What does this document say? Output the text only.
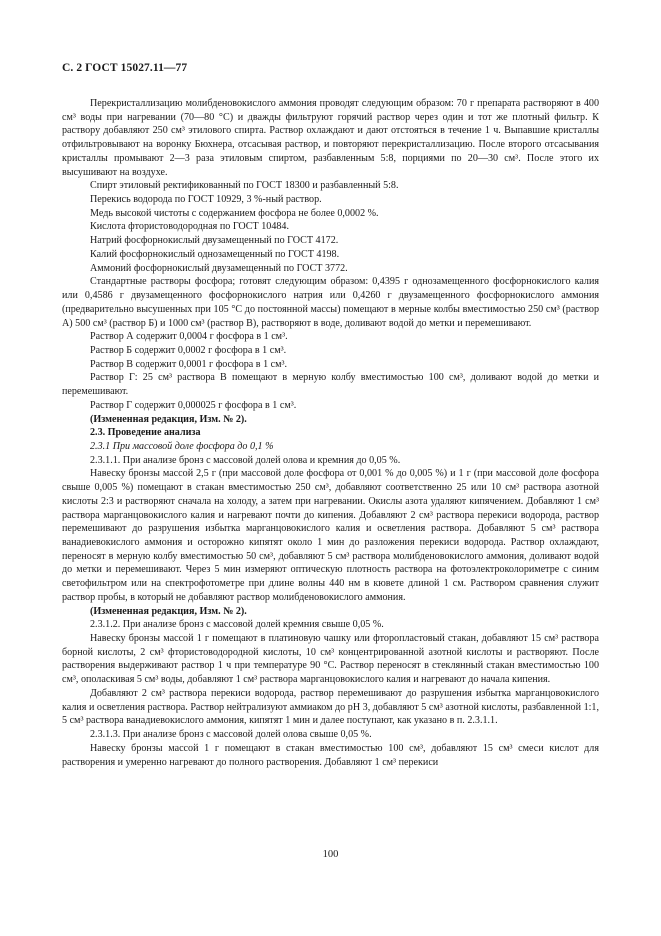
С. 2 ГОСТ 15027.11—77

Перекристаллизацию молибденовокислого аммония проводят следующим образом: 70 г препарата растворяют в 400 см³ воды при нагревании (70—80 °С) и дважды фильтруют горячий раствор через один и тот же плотный фильтр. К раствору добавляют 250 см³ этилового спирта. Раствор охлаждают и дают отстояться в течение 1 ч. Выпавшие кристаллы отфильтровывают на воронку Бюхнера, отсасывая раствор, и повторяют перекристаллизацию. После второго отсасывания кристаллы промывают 2—3 раза этиловым спиртом, разбавленным 5:8, порциями по 20—30 см³. После этого их высушивают на воздухе.

Спирт этиловый ректификованный по ГОСТ 18300 и разбавленный 5:8.

Перекись водорода по ГОСТ 10929, 3 %-ный раствор.

Медь высокой чистоты с содержанием фосфора не более 0,0002 %.

Кислота фтористоводородная по ГОСТ 10484.

Натрий фосфорнокислый двузамещенный по ГОСТ 4172.

Калий фосфорнокислый однозамещенный по ГОСТ 4198.

Аммоний фосфорнокислый двузамещенный по ГОСТ 3772.

Стандартные растворы фосфора; готовят следующим образом: 0,4395 г однозамещенного фосфорнокислого калия или 0,4586 г двузамещенного фосфорнокислого натрия или 0,4260 г двузамещенного фосфорнокислого аммония (предварительно высушенных при 105 °С до постоянной массы) помещают в мерные колбы вместимостью 250 см³ (раствор А) 500 см³ (раствор Б) и 1000 см³ (раствор В), растворяют в воде, доливают водой до метки и перемешивают.

Раствор А содержит 0,0004 г фосфора в 1 см³.

Раствор Б содержит 0,0002 г фосфора в 1 см³.

Раствор В содержит 0,0001 г фосфора в 1 см³.

Раствор Г: 25 см³ раствора В помещают в мерную колбу вместимостью 100 см³, доливают водой до метки и перемешивают.

Раствор Г содержит 0,000025 г фосфора в 1 см³.

(Измененная редакция, Изм. № 2).

2.3. Проведение анализа

2.3.1 При массовой доле фосфора до 0,1 %

2.3.1.1. При анализе бронз с массовой долей олова и кремния до 0,05 %.

Навеску бронзы массой 2,5 г (при массовой доле фосфора от 0,001 % до 0,005 %) и 1 г (при массовой доле фосфора свыше 0,005 %) помещают в стакан вместимостью 250 см³, добавляют соответственно 25 или 10 см³ раствора азотной кислоты 2:3 и растворяют сначала на холоду, а затем при нагревании. Окислы азота удаляют кипячением. Добавляют 1 см³ раствора марганцовокислого калия и нагревают почти до кипения. Добавляют 2 см³ раствора перекиси водорода, раствор перемешивают до разрушения избытка марганцовокислого калия и осветления раствора. Добавляют 5 см³ раствора ванадиевокислого аммония и осторожно кипятят около 1 мин до разложения перекиси водорода. Раствор охлаждают, переносят в мерную колбу вместимостью 50 см³, добавляют 5 см³ раствора молибденовокислого аммония, доливают водой до метки и перемешивают. Через 5 мин измеряют оптическую плотность раствора на фотоэлектроколориметре с синим светофильтром или на спектрофотометре при длине волны 440 нм в кювете длиной 1 см. Раствором сравнения служит раствор пробы, в который не добавляют раствор молибденовокислого аммония.

(Измененная редакция, Изм. № 2).

2.3.1.2. При анализе бронз с массовой долей кремния свыше 0,05 %.

Навеску бронзы массой 1 г помещают в платиновую чашку или фторопластовый стакан, добавляют 15 см³ раствора борной кислоты, 2 см³ фтористоводородной кислоты, 10 см³ концентрированной азотной кислоты и растворяют. После растворения выдерживают раствор 1 ч при температуре 90 °С. Раствор переносят в стеклянный стакан вместимостью 100 см³, ополаскивая 5 см³ воды, добавляют 1 см³ раствора марганцовокислого калия и нагревают до начала кипения.

Добавляют 2 см³ раствора перекиси водорода, раствор перемешивают до разрушения избытка марганцовокислого калия и осветления раствора. Раствор нейтрализуют аммиаком до рН 3, добавляют 5 см³ азотной кислоты, разбавленной 1:1, 5 см³ раствора ванадиевокислого аммония, кипятят 1 мин и далее поступают, как указано в п. 2.3.1.1.

2.3.1.3. При анализе бронз с массовой долей олова свыше 0,05 %.

Навеску бронзы массой 1 г помещают в стакан вместимостью 100 см³, добавляют 15 см³ смеси кислот для растворения и умеренно нагревают до полного растворения. Добавляют 1 см³ перекиси

100
